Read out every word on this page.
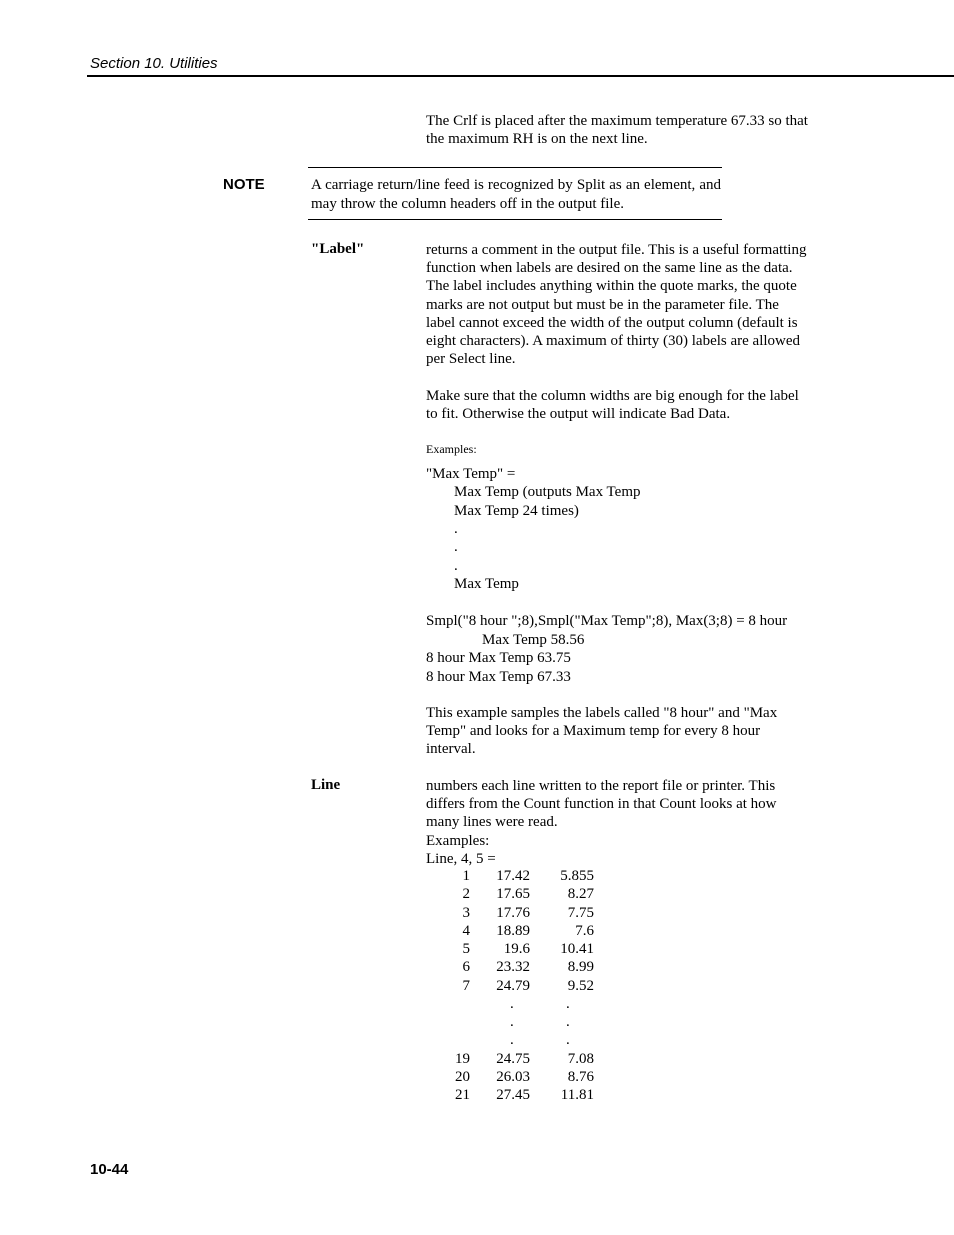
Section 10. Utilities
The Crlf is placed after the maximum temperature 67.33 so that the maximum RH is on the next line.
NOTE	A carriage return/line feed is recognized by Split as an element, and may throw the column headers off in the output file.
"Label"	returns a comment in the output file. This is a useful formatting function when labels are desired on the same line as the data. The label includes anything within the quote marks, the quote marks are not output but must be in the parameter file. The label cannot exceed the width of the output column (default is eight characters). A maximum of thirty (30) labels are allowed per Select line.
Make sure that the column widths are big enough for the label to fit. Otherwise the output will indicate Bad Data.
Examples:
"Max Temp" =
Max Temp (outputs Max Temp
Max Temp 24 times)
.
.
.
Max Temp
Smpl("8 hour ";8),Smpl("Max Temp";8), Max(3;8) = 8 hour
Max Temp 58.56
8 hour Max Temp 63.75
8 hour Max Temp 67.33
This example samples the labels called "8 hour" and "Max Temp" and looks for a Maximum temp for every 8 hour interval.
Line	numbers each line written to the report file or printer. This differs from the Count function in that Count looks at how many lines were read.
Examples:
Line, 4, 5 =
1 17.42 5.855
2 17.65	8.27
3 17.76	7.75
4 18.89	7.6
5 19.6 10.41
6 23.32	8.99
7 24.79	9.52
.	.
.	.
.	.
19 24.75	7.08
20 26.03	8.76
21 27.45 11.81
10-44
